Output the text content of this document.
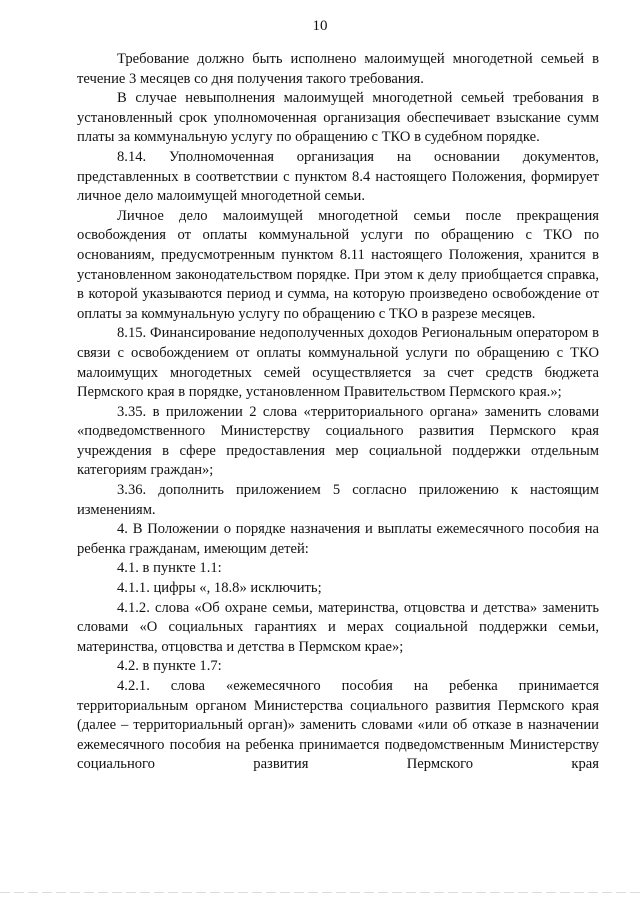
10

Требование должно быть исполнено малоимущей многодетной семьей в течение 3 месяцев со дня получения такого требования.

В случае невыполнения малоимущей многодетной семьей требования в установленный срок уполномоченная организация обеспечивает взыскание сумм платы за коммунальную услугу по обращению с ТКО в судебном порядке.

8.14. Уполномоченная организация на основании документов, представленных в соответствии с пунктом 8.4 настоящего Положения, формирует личное дело малоимущей многодетной семьи.

Личное дело малоимущей многодетной семьи после прекращения освобождения от оплаты коммунальной услуги по обращению с ТКО по основаниям, предусмотренным пунктом 8.11 настоящего Положения, хранится в установленном законодательством порядке. При этом к делу приобщается справка, в которой указываются период и сумма, на которую произведено освобождение от оплаты за коммунальную услугу по обращению с ТКО в разрезе месяцев.

8.15. Финансирование недополученных доходов Региональным оператором в связи с освобождением от оплаты коммунальной услуги по обращению с ТКО малоимущих многодетных семей осуществляется за счет средств бюджета Пермского края в порядке, установленном Правительством Пермского края.»;

3.35. в приложении 2 слова «территориального органа» заменить словами «подведомственного Министерству социального развития Пермского края учреждения в сфере предоставления мер социальной поддержки отдельным категориям граждан»;

3.36. дополнить приложением 5 согласно приложению к настоящим изменениям.

4. В Положении о порядке назначения и выплаты ежемесячного пособия на ребенка гражданам, имеющим детей:

4.1. в пункте 1.1:

4.1.1. цифры «, 18.8» исключить;

4.1.2. слова «Об охране семьи, материнства, отцовства и детства» заменить словами «О социальных гарантиях и мерах социальной поддержки семьи, материнства, отцовства и детства в Пермском крае»;

4.2. в пункте 1.7:

4.2.1. слова «ежемесячного пособия на ребенка принимается территориальным органом Министерства социального развития Пермского края (далее – территориальный орган)» заменить словами «или об отказе в назначении ежемесячного пособия на ребенка принимается подведомственным Министерству социального развития Пермского края
